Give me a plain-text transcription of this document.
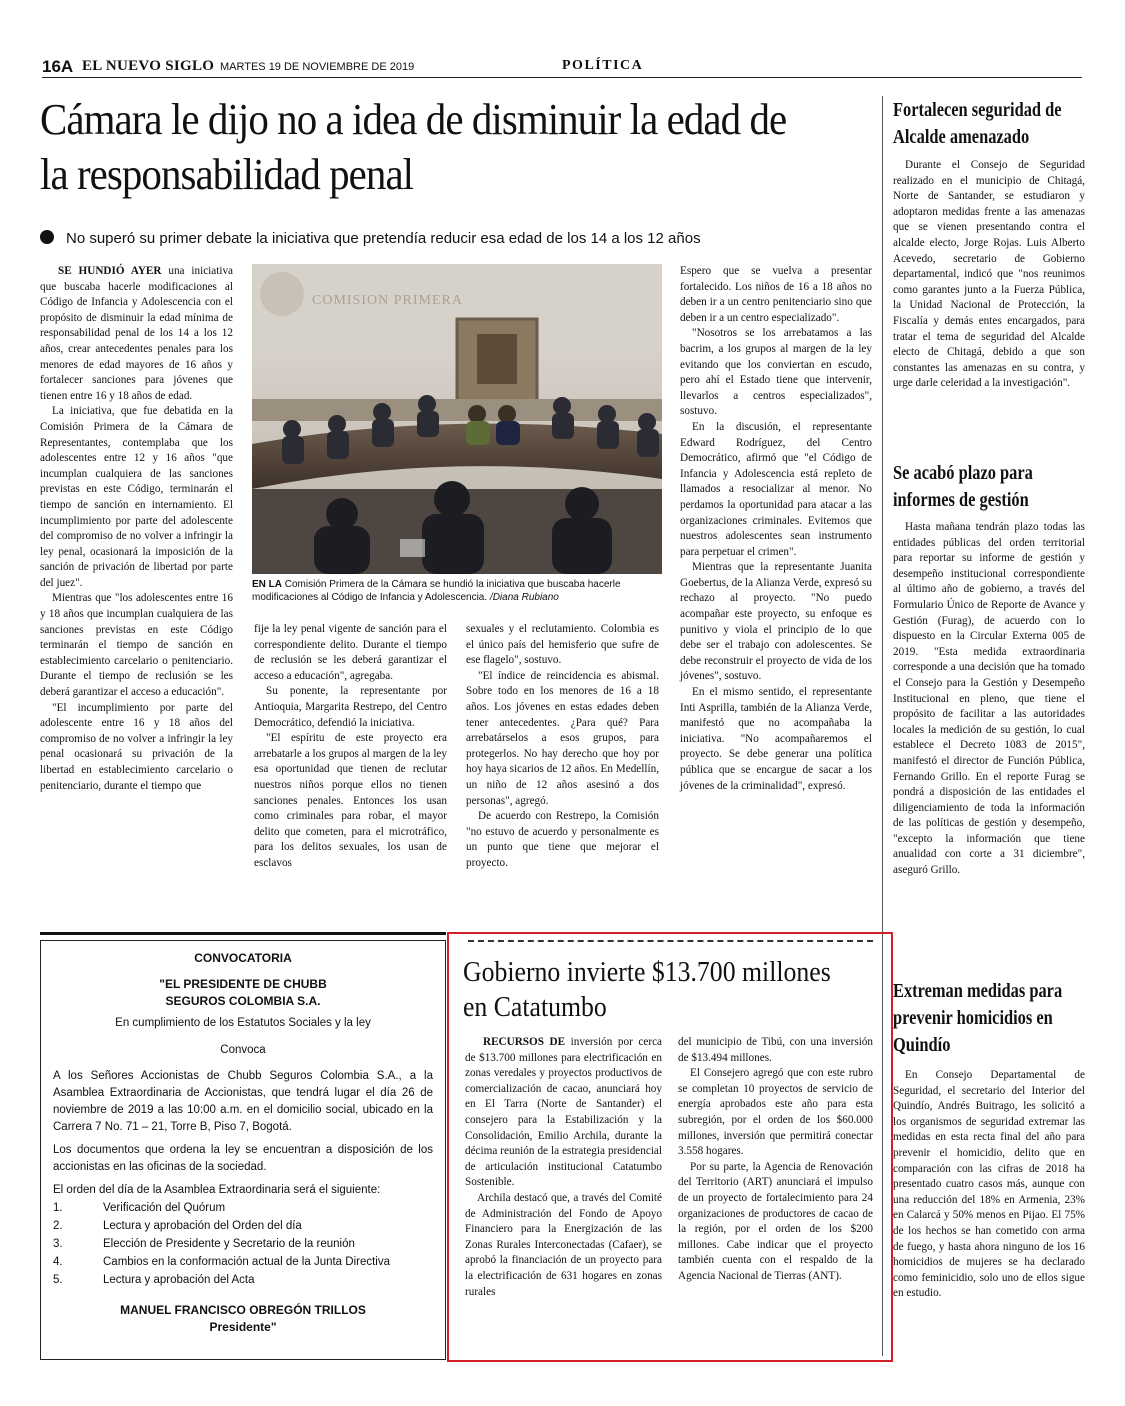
16A EL NUEVO SIGLO MARTES 19 DE NOVIEMBRE DE 2019	POLÍTICA
Cámara le dijo no a idea de disminuir la edad de la responsabilidad penal
No superó su primer debate la iniciativa que pretendía reducir esa edad de los 14 a los 12 años

SE HUNDIÓ AYER una iniciativa que buscaba hacerle modificaciones al Código de Infancia y Adolescencia con el propósito de disminuir la edad mínima de responsabilidad penal de los 14 a los 12 años, crear antecedentes penales para los menores de edad mayores de 16 años y fortalecer sanciones para jóvenes que tienen entre 16 y 18 años de edad.

La iniciativa, que fue debatida en la Comisión Primera de la Cámara de Representantes, contemplaba que los adolescentes entre 12 y 16 años "que incumplan cualquiera de las sanciones previstas en este Código, terminarán el tiempo de sanción en internamiento. El incumplimiento por parte del adolescente del compromiso de no volver a infringir la ley penal, ocasionará la imposición de la sanción de privación de libertad por parte del juez".

Mientras que "los adolescentes entre 16 y 18 años que incumplan cualquiera de las sanciones previstas en este Código terminarán el tiempo de sanción en establecimiento carcelario o penitenciario. Durante el tiempo de reclusión se les deberá garantizar el acceso a educación".

"El incumplimiento por parte del adolescente entre 16 y 18 años del compromiso de no volver a infringir la ley penal ocasionará su privación de la libertad en establecimiento carcelario o penitenciario, durante el tiempo que

COMISION PRIMERA
EN LA Comisión Primera de la Cámara se hundió la iniciativa que buscaba hacerle modificaciones al Código de Infancia y Adolescencia. /Diana Rubiano

fije la ley penal vigente de sanción para el correspondiente delito. Durante el tiempo de reclusión se les deberá garantizar el acceso a educación", agregaba.

Su ponente, la representante por Antioquia, Margarita Restrepo, del Centro Democrático, defendió la iniciativa.

"El espíritu de este proyecto era arrebatarle a los grupos al margen de la ley esa oportunidad que tienen de reclutar nuestros niños porque ellos no tienen sanciones penales. Entonces los usan como criminales para robar, el mayor delito que cometen, para el microtráfico, para los delitos sexuales, los usan de esclavos

sexuales y el reclutamiento. Colombia es el único país del hemisferio que sufre de ese flagelo", sostuvo.

"El índice de reincidencia es abismal. Sobre todo en los menores de 16 a 18 años. Los jóvenes en estas edades deben tener antecedentes. ¿Para qué? Para arrebatárselos a esos grupos, para protegerlos. No hay derecho que hoy por hoy haya sicarios de 12 años. En Medellín, un niño de 12 años asesinó a dos personas", agregó.

De acuerdo con Restrepo, la Comisión "no estuvo de acuerdo y personalmente es un punto que tiene que mejorar el proyecto.

Espero que se vuelva a presentar fortalecido. Los niños de 16 a 18 años no deben ir a un centro penitenciario sino que deben ir a un centro especializado".

"Nosotros se los arrebatamos a las bacrim, a los grupos al margen de la ley evitando que los conviertan en escudo, pero ahí el Estado tiene que intervenir, llevarlos a centros especializados", sostuvo.

En la discusión, el representante Edward Rodríguez, del Centro Democrático, afirmó que "el Código de Infancia y Adolescencia está repleto de llamados a resocializar al menor. No perdamos la oportunidad para atacar a las organizaciones criminales. Evitemos que nuestros adolescentes sean instrumento para perpetuar el crimen".

Mientras que la representante Juanita Goebertus, de la Alianza Verde, expresó su rechazo al proyecto. "No puedo acompañar este proyecto, su enfoque es punitivo y viola el principio de lo que debe ser el trabajo con adolescentes. Se debe reconstruir el proyecto de vida de los jóvenes", sostuvo.

En el mismo sentido, el representante Inti Asprilla, también de la Alianza Verde, manifestó que no acompañaba la iniciativa. "No acompañaremos el proyecto. Se debe generar una política pública que se encargue de sacar a los jóvenes de la criminalidad", expresó.

Fortalecen seguridad de Alcalde amenazado

Durante el Consejo de Seguridad realizado en el municipio de Chitagá, Norte de Santander, se estudiaron y adoptaron medidas frente a las amenazas que se vienen presentando contra el alcalde electo, Jorge Rojas. Luis Alberto Acevedo, secretario de Gobierno departamental, indicó que "nos reunimos como garantes junto a la Fuerza Pública, la Unidad Nacional de Protección, la Fiscalía y demás entes encargados, para tratar el tema de seguridad del Alcalde electo de Chitagá, debido a que son constantes las amenazas en su contra, y urge darle celeridad a la investigación".

Se acabó plazo para informes de gestión

Hasta mañana tendrán plazo todas las entidades públicas del orden territorial para reportar su informe de gestión y desempeño institucional correspondiente al último año de gobierno, a través del Formulario Único de Reporte de Avance y Gestión (Furag), de acuerdo con lo dispuesto en la Circular Externa 005 de 2019. "Esta medida extraordinaria corresponde a una decisión que ha tomado el Consejo para la Gestión y Desempeño Institucional en pleno, que tiene el propósito de facilitar a las autoridades locales la medición de su gestión, lo cual establece el Decreto 1083 de 2015", manifestó el director de Función Pública, Fernando Grillo. En el reporte Furag se pondrá a disposición de las entidades el diligenciamiento de toda la información de las políticas de gestión y desempeño, "excepto la información que tiene anualidad con corte a 31 diciembre", aseguró Grillo.

Extreman medidas para prevenir homicidios en Quindío

En Consejo Departamental de Seguridad, el secretario del Interior del Quindío, Andrés Buitrago, les solicitó a los organismos de seguridad extremar las medidas en esta recta final del año para prevenir el homicidio, delito que en comparación con las cifras de 2018 ha presentado cuatro casos más, aunque con una reducción del 18% en Armenia, 23% en Calarcá y 50% menos en Pijao. El 75% de los hechos se han cometido con arma de fuego, y hasta ahora ninguno de los 16 homicidios de mujeres se ha declarado como feminicidio, solo uno de ellos sigue en estudio.

CONVOCATORIA
"EL PRESIDENTE DE CHUBB
SEGUROS COLOMBIA S.A.
En cumplimiento de los Estatutos Sociales y la ley
Convoca

A los Señores Accionistas de Chubb Seguros Colombia S.A., a la Asamblea Extraordinaria de Accionistas, que tendrá lugar el día 26 de noviembre de 2019 a las 10:00 a.m. en el domicilio social, ubicado en la Carrera 7 No. 71 – 21, Torre B, Piso 7, Bogotá.

Los documentos que ordena la ley se encuentran a disposición de los accionistas en las oficinas de la sociedad.

El orden del día de la Asamblea Extraordinaria será el siguiente:

1.	Verificación del Quórum
2.	Lectura y aprobación del Orden del día
3.	Elección de Presidente y Secretario de la reunión
4.	Cambios en la conformación actual de la Junta Directiva
5.	Lectura y aprobación del Acta
MANUEL FRANCISCO OBREGÓN TRILLOS
Presidente"
Gobierno invierte $13.700 millones en Catatumbo

RECURSOS DE inversión por cerca de $13.700 millones para electrificación en zonas veredales y proyectos productivos de comercialización de cacao, anunciará hoy en El Tarra (Norte de Santander) el consejero para la Estabilización y la Consolidación, Emilio Archila, durante la décima reunión de la estrategia presidencial de articulación institucional Catatumbo Sostenible.

Archila destacó que, a través del Comité de Administración del Fondo de Apoyo Financiero para la Energización de las Zonas Rurales Interconectadas (Cafaer), se aprobó la financiación de un proyecto para la electrificación de 631 hogares en zonas rurales

del municipio de Tibú, con una inversión de $13.494 millones.

El Consejero agregó que con este rubro se completan 10 proyectos de servicio de energía aprobados este año para esta subregión, por el orden de los $60.000 millones, inversión que permitirá conectar 3.558 hogares.

Por su parte, la Agencia de Renovación del Territorio (ART) anunciará el impulso de un proyecto de fortalecimiento para 24 organizaciones de productores de cacao de la región, por el orden de los $200 millones. Cabe indicar que el proyecto también cuenta con el respaldo de la Agencia Nacional de Tierras (ANT).
